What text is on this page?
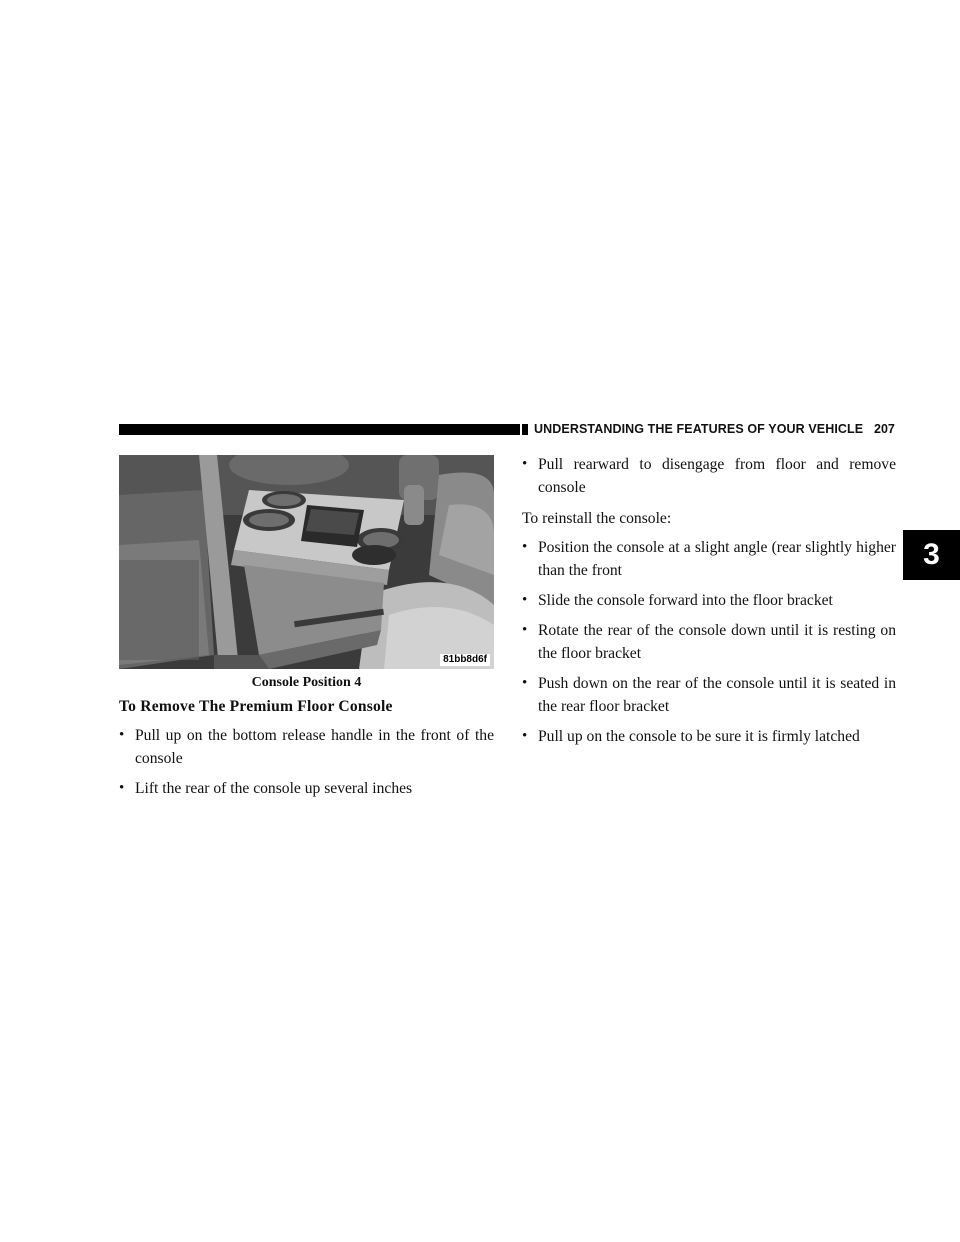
UNDERSTANDING THE FEATURES OF YOUR VEHICLE 207
3
81bb8d6f
Console Position 4
To Remove The Premium Floor Console
• Pull up on the bottom release handle in the front of the console
• Lift the rear of the console up several inches
• Pull rearward to disengage from floor and remove console
To reinstall the console:
• Position the console at a slight angle (rear slightly higher than the front
• Slide the console forward into the floor bracket
• Rotate the rear of the console down until it is resting on the floor bracket
• Push down on the rear of the console until it is seated in the rear floor bracket
• Pull up on the console to be sure it is firmly latched
